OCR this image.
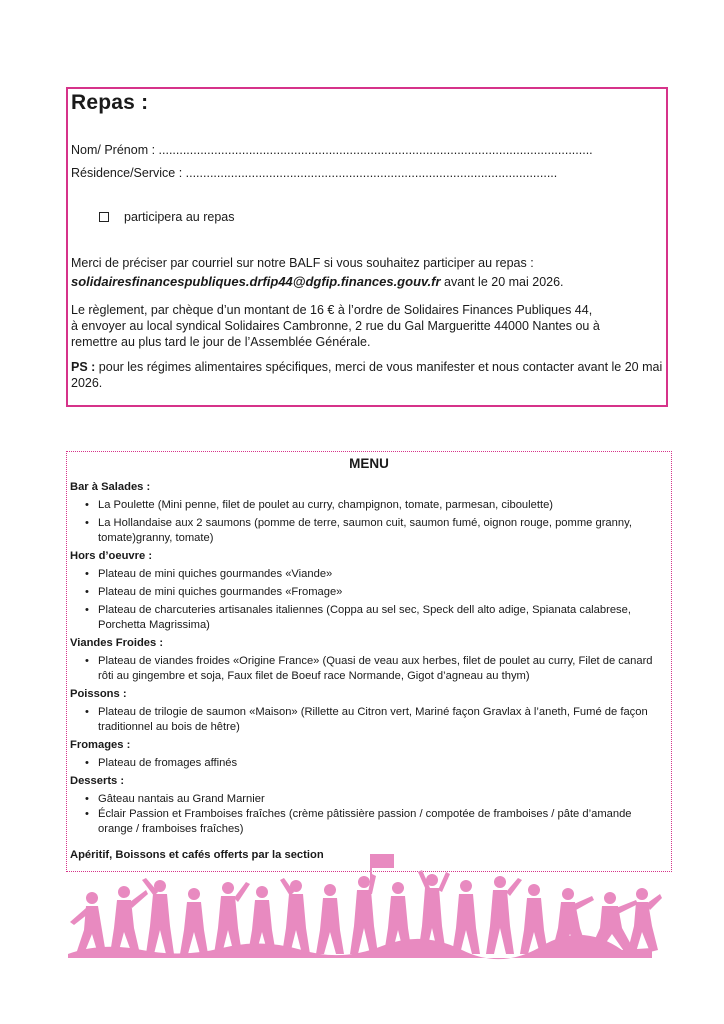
Repas :
Nom/ Prénom : .............................................................................................................................
Résidence/Service : ...........................................................................................................
participera au repas

Merci de préciser par courriel sur notre BALF si vous souhaitez participer au repas :

solidairesfinancespubliques.drfip44@dgfip.finances.gouv.fr avant le 20 mai 2026.

Le règlement, par chèque d’un montant de 16 € à l’ordre de Solidaires Finances Publiques 44,

à envoyer au local syndical Solidaires Cambronne, 2 rue du Gal Margueritte 44000 Nantes ou à

remettre au plus tard le jour de l’Assemblée Générale.

PS : pour les régimes alimentaires spécifiques, merci de vous manifester et nous contacter avant le 20 mai 2026.

MENU
Bar à Salades :
• La Poulette (Mini penne, filet de poulet au curry, champignon, tomate, parmesan, ciboulette)
• La Hollandaise aux 2 saumons (pomme de terre, saumon cuit, saumon fumé, oignon rouge, pomme granny, tomate)granny, tomate)
Hors d’oeuvre :
• Plateau de mini quiches gourmandes «Viande»
• Plateau de mini quiches gourmandes «Fromage»
• Plateau de charcuteries artisanales italiennes (Coppa au sel sec, Speck dell alto adige, Spianata calabrese, Porchetta Magrissima)
Viandes Froides :
• Plateau de viandes froides «Origine France» (Quasi de veau aux herbes, filet de poulet au curry, Filet de canard rôti au gingembre et soja, Faux filet de Boeuf race Normande, Gigot d’agneau au thym)
Poissons :
• Plateau de trilogie de saumon «Maison» (Rillette au Citron vert, Mariné façon Gravlax à l’aneth, Fumé de façon traditionnel au bois de hêtre)
Fromages :
• Plateau de fromages affinés
Desserts :
• Gâteau nantais au Grand Marnier
• Éclair Passion et Framboises fraîches (crème pâtissière passion / compotée de framboises / pâte d’amande orange / framboises fraîches)
Apéritif, Boissons et cafés offerts par la section
